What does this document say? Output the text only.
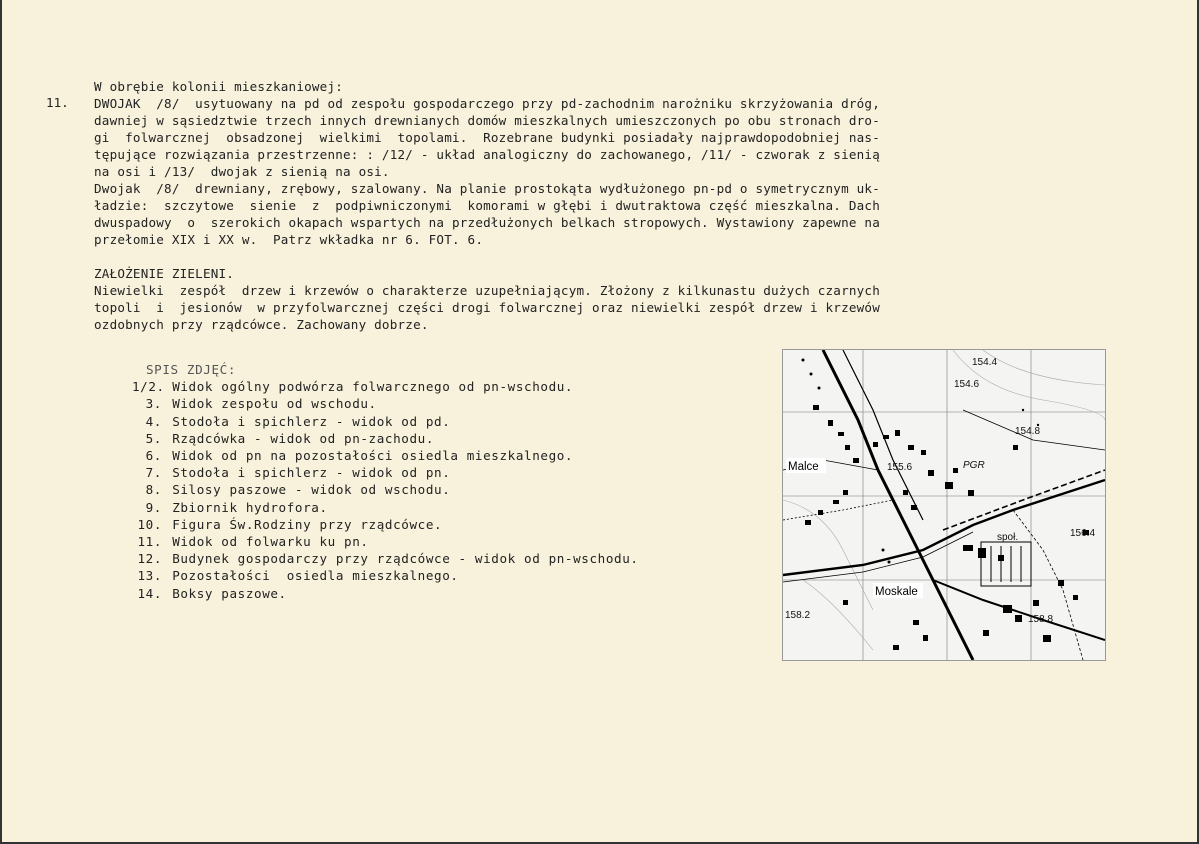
W obrębie kolonii mieszkaniowej:
11. DWOJAK  /8/  usytuowany na pd od zespołu gospodarczego przy pd-zachodnim narożniku skrzyżowania dróg,
dawniej w sąsiedztwie trzech innych drewnianych domów mieszkalnych umieszczonych po obu stronach dro-
gi  folwarcznej  obsadzonej  wielkimi  topolami.  Rozebrane budynki posiadały najprawdopodobniej nas-
tępujące rozwiązania przestrzenne: : /12/ - układ analogiczny do zachowanego, /11/ - czworak z sienią
na osi i /13/  dwojak z sienią na osi.
Dwojak  /8/  drewniany, zrębowy, szalowany. Na planie prostokąta wydłużonego pn-pd o symetrycznym uk-
ładzie:  szczytowe  sienie  z  podpiwniczonymi  komorami w głębi i dwutraktowa część mieszkalna. Dach
dwuspadowy  o  szerokich okapach wspartych na przedłużonych belkach stropowych. Wystawiony zapewne na
przełomie XIX i XX w.  Patrz wkładka nr 6. FOT. 6.
ZAŁOŻENIE ZIELENI.
Niewielki  zespół  drzew i krzewów o charakterze uzupełniającym. Złożony z kilkunastu dużych czarnych
topoli  i  jesionów  w przyfolwarcznej części drogi folwarcznej oraz niewielki zespół drzew i krzewów
ozdobnych przy rządcówce. Zachowany dobrze.
SPIS ZDJĘĆ:
1/2. Widok ogólny podwórza folwarcznego od pn-wschodu.
3. Widok zespołu od wschodu.
4. Stodoła i spichlerz - widok od pd.
5. Rządcówka - widok od pn-zachodu.
6. Widok od pn na pozostałości osiedla mieszkalnego.
7. Stodoła i spichlerz - widok od pn.
8. Silosy paszowe - widok od wschodu.
9. Zbiornik hydrofora.
10. Figura Św.Rodziny przy rządcówce.
11. Widok od folwarku ku pn.
12. Budynek gospodarczy przy rządcówce - widok od pn-wschodu.
13. Pozostałości  osiedla mieszkalnego.
14. Boksy paszowe.
154.4
154.6
154.8
155.6
156.4
158.2	158.8
PGR
społ.
Malce
Moskale
